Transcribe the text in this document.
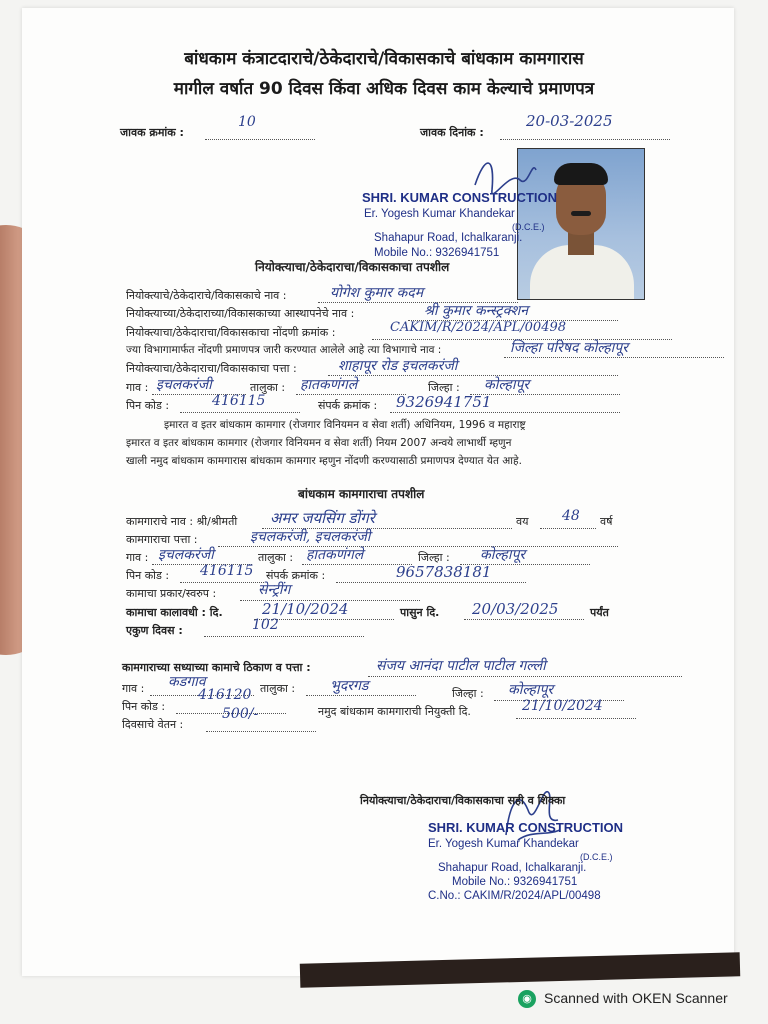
बांधकाम कंत्राटदाराचे/ठेकेदाराचे/विकासकाचे बांधकाम कामगारास
मागील वर्षात 90 दिवस किंवा अधिक दिवस काम केल्याचे प्रमाणपत्र
जावक क्रमांक :
10
जावक दिनांक :
20-03-2025
SHRI. KUMAR CONSTRUCTION
Er. Yogesh Kumar Khandekar
(D.C.E.)
Shahapur Road, Ichalkaranji.
Mobile No.: 9326941751
नियोक्त्याचा/ठेकेदाराचा/विकासकाचा तपशील
नियोक्त्याचे/ठेकेदाराचे/विकासकाचे नाव :	योगेश कुमार कदम
नियोक्त्याच्या/ठेकेदाराच्या/विकासकाच्या आस्थापनेचे नाव :	श्री कुमार कन्स्ट्रक्शन
नियोक्त्याचा/ठेकेदाराचा/विकासकाचा नोंदणी क्रमांक :	CAKIM/R/2024/APL/00498
ज्या विभागामार्फत नोंदणी प्रमाणपत्र जारी करण्यात आलेले आहे त्या विभागाचे नाव :	जिल्हा परिषद कोल्हापूर
नियोक्त्याचा/ठेकेदाराचा/विकासकाचा पत्ता :	शाहापूर रोड इचलकरंजी
गाव : इचलकरंजी	तालुका : हातकणंगले	जिल्हा : कोल्हापूर
पिन कोड :	416115	संपर्क क्रमांक : 9326941751
इमारत व इतर बांधकाम कामगार (रोजगार विनियमन व सेवा शर्ती) अधिनियम, 1996 व महाराष्ट्र
इमारत व इतर बांधकाम कामगार (रोजगार विनियमन व सेवा शर्ती) नियम 2007 अन्वये लाभार्थी म्हणुन
खाली नमुद बांधकाम कामगारास बांधकाम कामगार म्हणुन नोंदणी करण्यासाठी प्रमाणपत्र देण्यात येत आहे.
बांधकाम कामगाराचा तपशील
कामगाराचे नाव : श्री/श्रीमती अमर जयसिंग डोंगरे	वय 48 वर्ष
कामगाराचा पत्ता :	इचलकरंजी, इचलकरंजी
गाव : इचलकरंजी	तालुका : हातकणंगले	जिल्हा : कोल्हापूर
पिन कोड : 416115 संपर्क क्रमांक :	9657838181
कामाचा प्रकार/स्वरुप :	सेन्ट्रींग
कामाचा कालावधी : दि.	21/10/2024	पासुन दि. 20/03/2025	पर्यंत
एकुण दिवस :	102
कामगाराच्या सध्याच्या कामाचे ठिकाण व पत्ता :	संजय आनंदा पाटील पाटील गल्ली
गाव : कडगाव	तालुका : भुदरगड	जिल्हा : कोल्हापूर
पिन कोड :
416120
नमुद बांधकाम कामगाराची नियुक्ती दि.	21/10/2024
दिवसाचे वेतन :
500/-
नियोक्त्याचा/ठेकेदाराचा/विकासकाचा सही व शिक्का
SHRI. KUMAR CONSTRUCTION
Er. Yogesh Kumar Khandekar
(D.C.E.)
Shahapur Road, Ichalkaranji.
Mobile No.: 9326941751
C.No.: CAKIM/R/2024/APL/00498
◉ Scanned with OKEN Scanner
